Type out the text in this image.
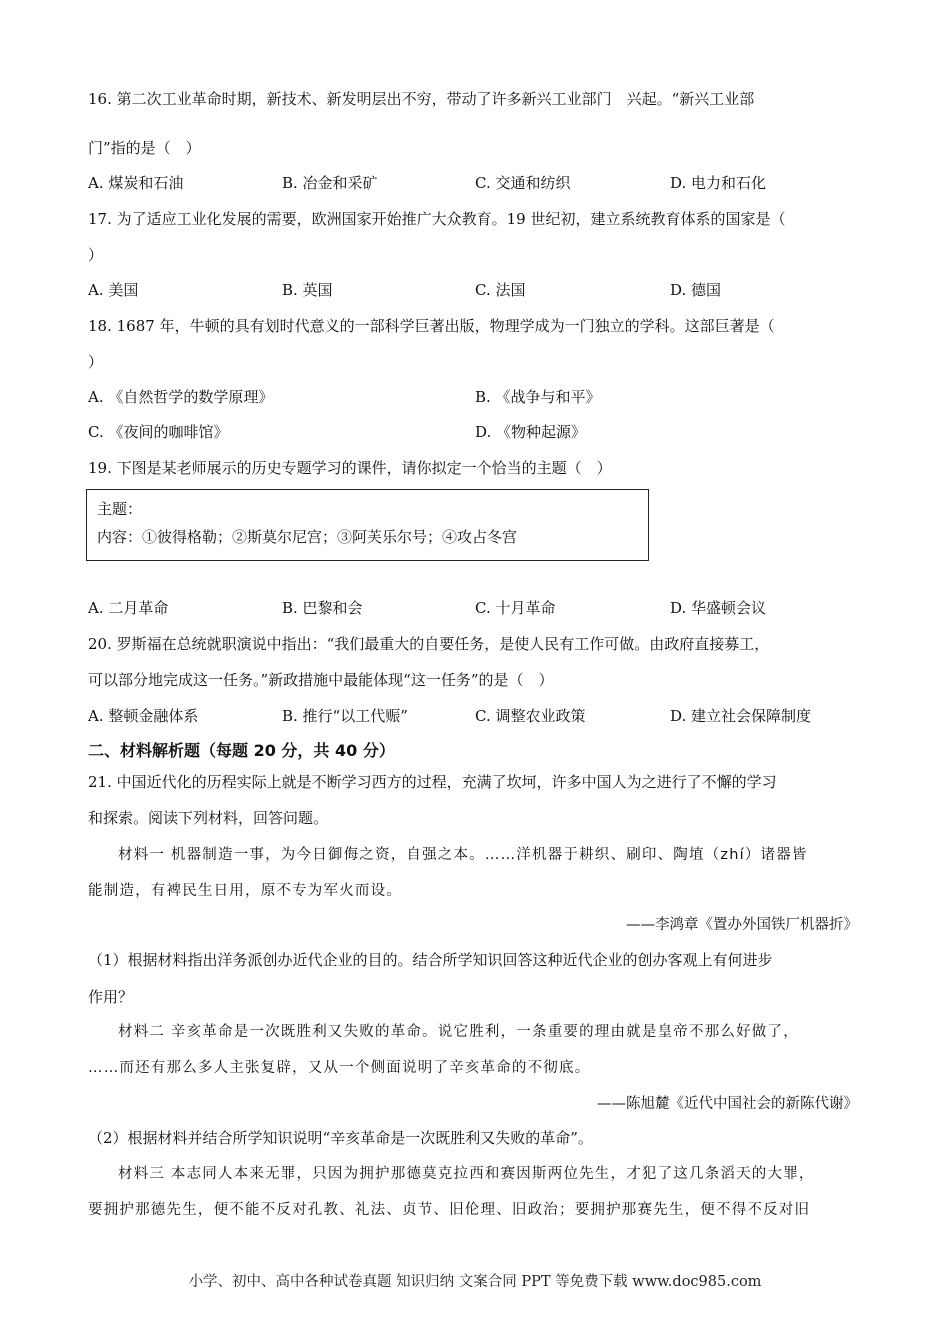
16. 第二次工业革命时期，新技术、新发明层出不穷，带动了许多新兴工业部门　兴起。“新兴工业部
门”指的是（　）
A. 煤炭和石油	B. 冶金和采矿	C. 交通和纺织	D. 电力和石化
17. 为了适应工业化发展的需要，欧洲国家开始推广大众教育。19 世纪初，建立系统教育体系的国家是（
）
A. 美国	B. 英国	C. 法国	D. 德国
18. 1687 年，牛顿的具有划时代意义的一部科学巨著出版，物理学成为一门独立的学科。这部巨著是（
）
A. 《自然哲学的数学原理》	B. 《战争与和平》
C. 《夜间的咖啡馆》	D. 《物种起源》
19. 下图是某老师展示的历史专题学习的课件，请你拟定一个恰当的主题（　）
主题：
内容：①彼得格勒；②斯莫尔尼宫；③阿芙乐尔号；④攻占冬宫
A. 二月革命	B. 巴黎和会	C. 十月革命	D. 华盛顿会议
20. 罗斯福在总统就职演说中指出：“我们最重大的自要任务，是使人民有工作可做。由政府直接募工，
可以部分地完成这一任务。”新政措施中最能体现“这一任务”的是（　）
A. 整顿金融体系	B. 推行“以工代赈”	C. 调整农业政策	D. 建立社会保障制度
二、材料解析题（每题 20 分，共 40 分）
21. 中国近代化的历程实际上就是不断学习西方的过程，充满了坎坷，许多中国人为之进行了不懈的学习
和探索。阅读下列材料，回答问题。
材料一 机器制造一事，为今日御侮之资，自强之本。……洋机器于耕织、刷印、陶埴（zhí）诸器皆
能制造，有裨民生日用，原不专为军火而设。
——李鸿章《置办外国铁厂机器折》
（1）根据材料指出洋务派创办近代企业的目的。结合所学知识回答这种近代企业的创办客观上有何进步
作用？
材料二 辛亥革命是一次既胜利又失败的革命。说它胜利，一条重要的理由就是皇帝不那么好做了，
……而还有那么多人主张复辟，又从一个侧面说明了辛亥革命的不彻底。
——陈旭麓《近代中国社会的新陈代谢》
（2）根据材料并结合所学知识说明“辛亥革命是一次既胜利又失败的革命”。
材料三 本志同人本来无罪，只因为拥护那德莫克拉西和赛因斯两位先生，才犯了这几条滔天的大罪，
要拥护那德先生，便不能不反对孔教、礼法、贞节、旧伦理、旧政治；要拥护那赛先生，便不得不反对旧
小学、初中、高中各种试卷真题 知识归纳 文案合同 PPT 等免费下载 www.doc985.com
